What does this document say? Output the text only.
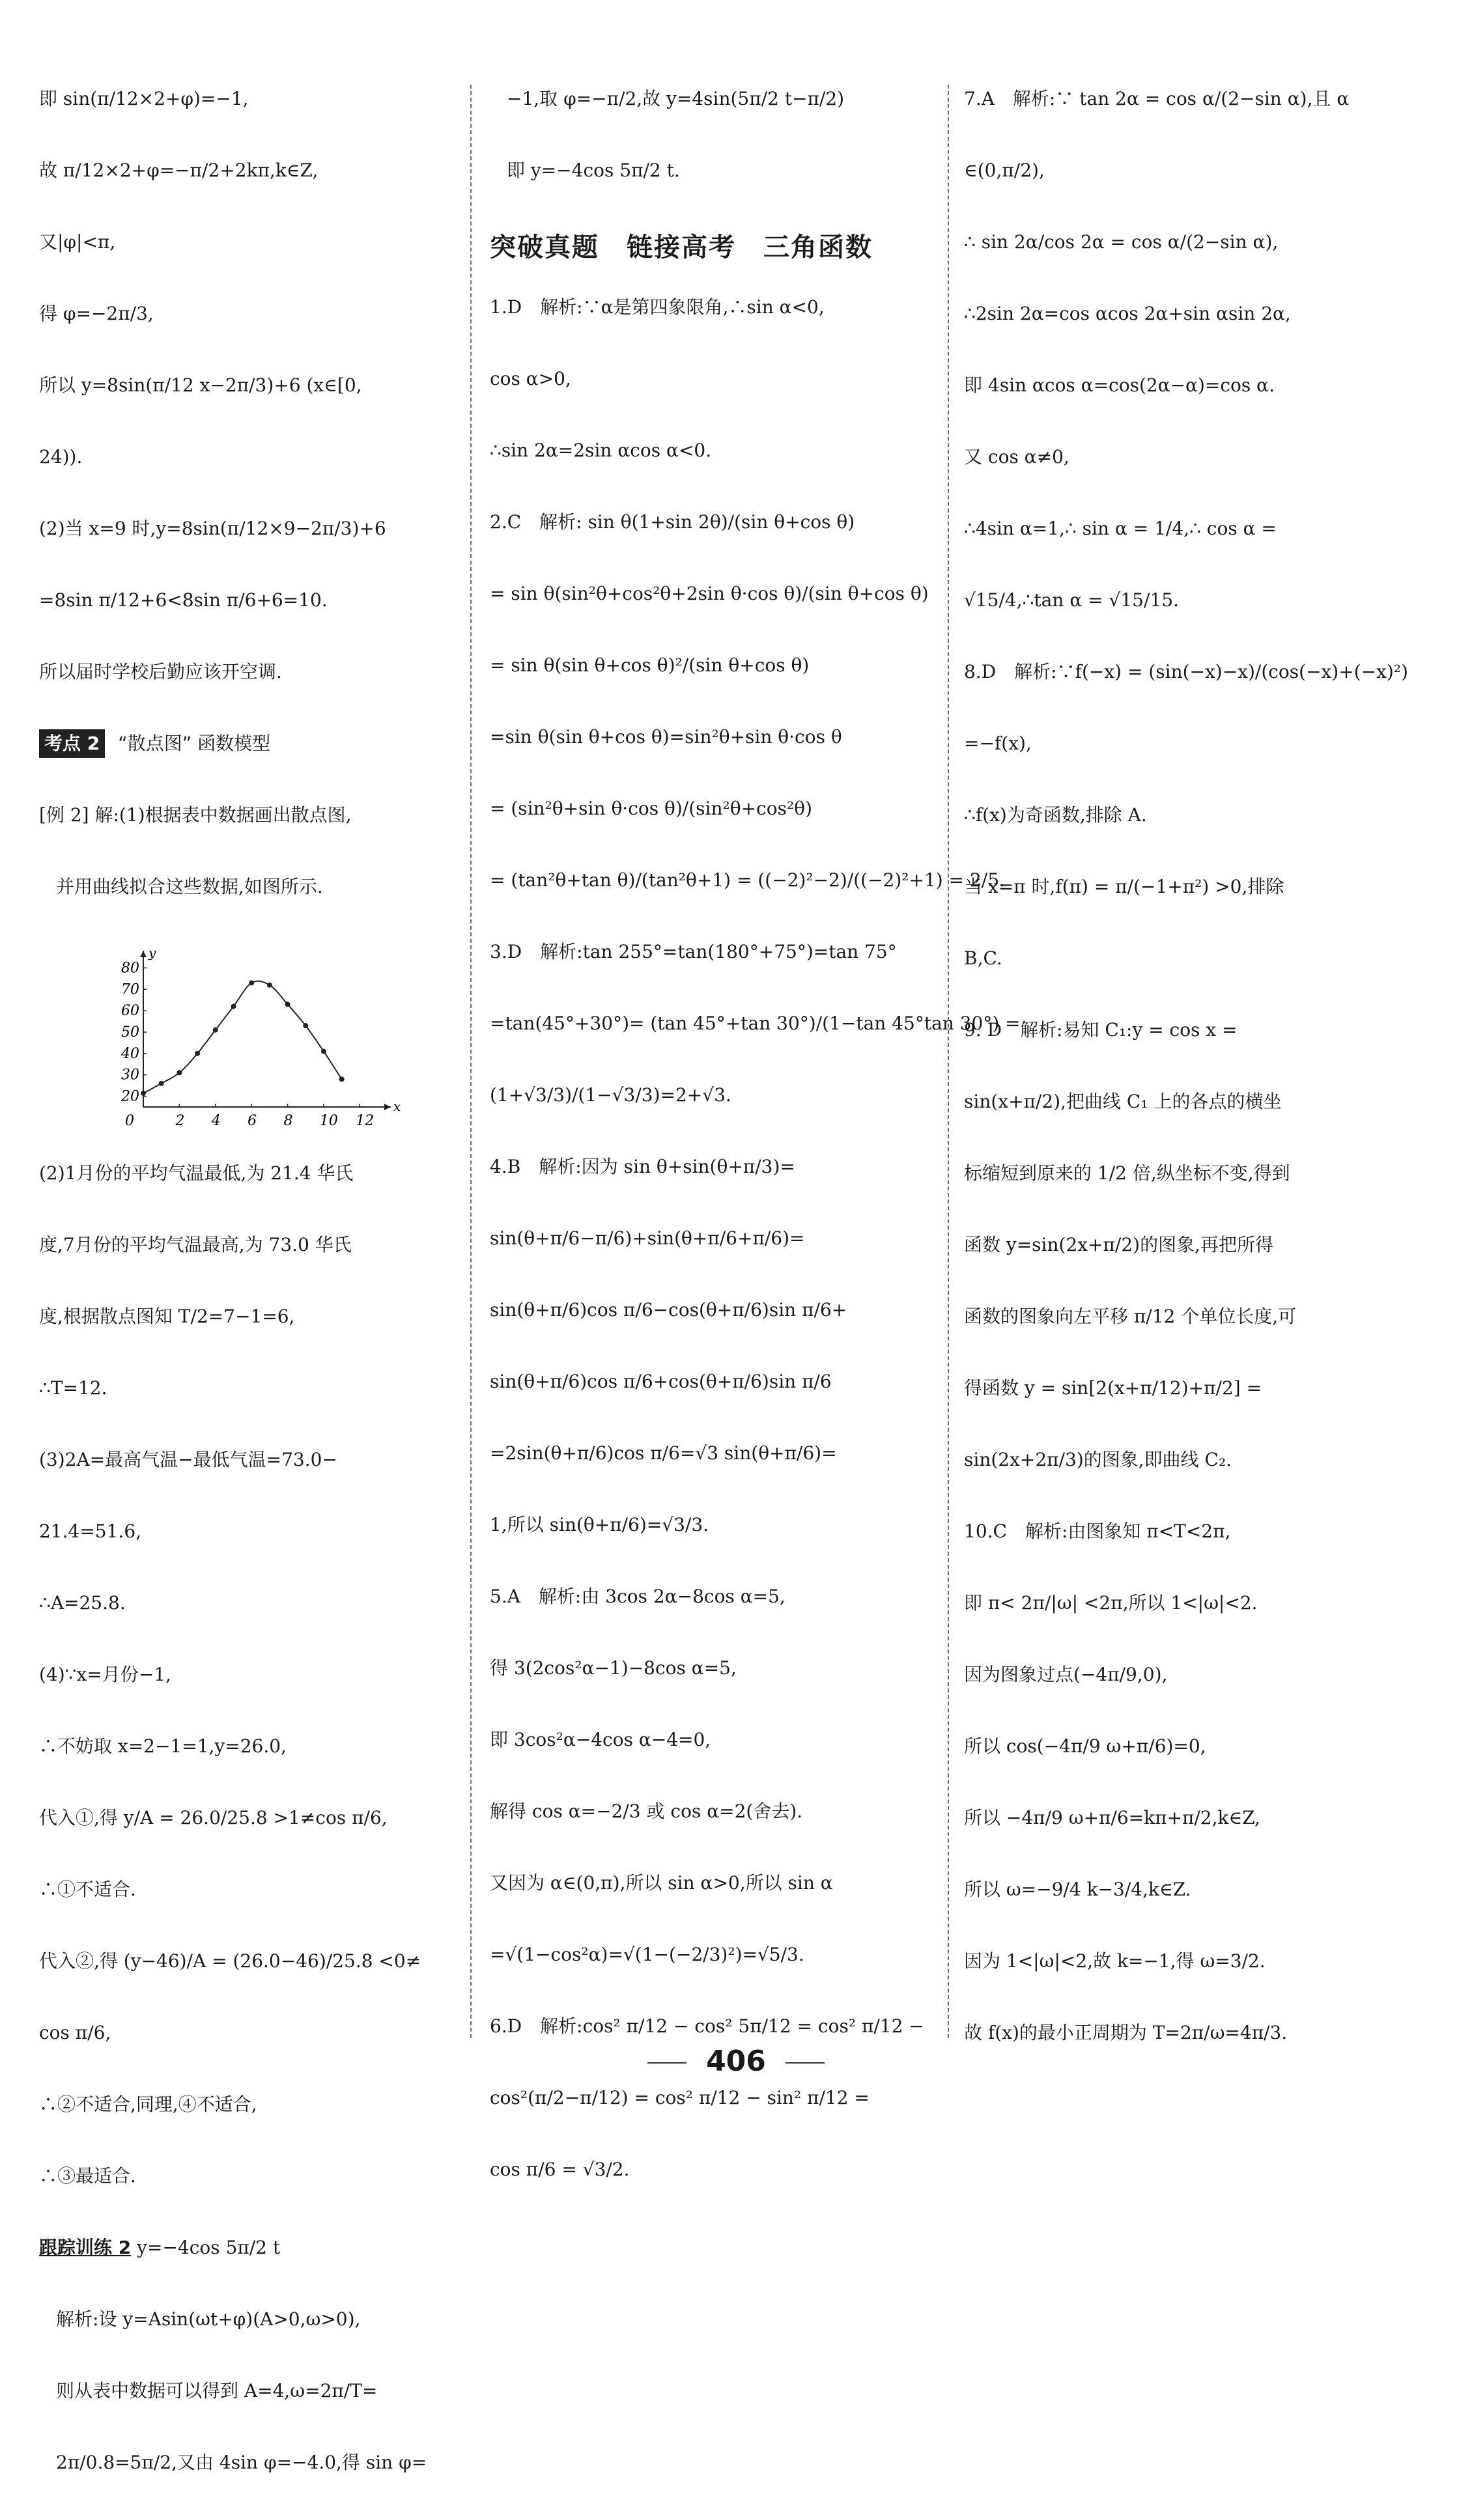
即 sin(π/12×2+φ)=−1,
故 π/12×2+φ=−π/2+2kπ,k∈Z,
又|φ|<π,
得 φ=−2π/3,
所以 y=8sin(π/12 x−2π/3)+6 (x∈[0,
24)).
(2)当 x=9 时,y=8sin(π/12×9−2π/3)+6
=8sin π/12+6<8sin π/6+6=10.
所以届时学校后勤应该开空调.
考点 2 “散点图” 函数模型
[例 2] 解:(1)根据表中数据画出散点图,
并用曲线拟合这些数据,如图所示.
x
y
0	2 4 6 8 10 12
20
30
40
50
60
70
80
(2)1月份的平均气温最低,为 21.4 华氏
度,7月份的平均气温最高,为 73.0 华氏
度,根据散点图知 T/2=7−1=6,
∴T=12.
(3)2A=最高气温−最低气温=73.0−
21.4=51.6,
∴A=25.8.
(4)∵x=月份−1,
∴不妨取 x=2−1=1,y=26.0,
代入①,得 y/A = 26.0/25.8 >1≠cos π/6,
∴①不适合.
代入②,得 (y−46)/A = (26.0−46)/25.8 <0≠
cos π/6,
∴②不适合,同理,④不适合,
∴③最适合.
跟踪训练 2 y=−4cos 5π/2 t
解析:设 y=Asin(ωt+φ)(A>0,ω>0),
则从表中数据可以得到 A=4,ω=2π/T=
2π/0.8=5π/2,又由 4sin φ=−4.0,得 sin φ=
−1,取 φ=−π/2,故 y=4sin(5π/2 t−π/2)
即 y=−4cos 5π/2 t.
突破真题　链接高考　三角函数
1.D　解析:∵α是第四象限角,∴sin α<0,
cos α>0,
∴sin 2α=2sin αcos α<0.
2.C　解析: sin θ(1+sin 2θ)/(sin θ+cos θ)
= sin θ(sin²θ+cos²θ+2sin θ·cos θ)/(sin θ+cos θ)
= sin θ(sin θ+cos θ)²/(sin θ+cos θ)
=sin θ(sin θ+cos θ)=sin²θ+sin θ·cos θ
= (sin²θ+sin θ·cos θ)/(sin²θ+cos²θ)
= (tan²θ+tan θ)/(tan²θ+1) = ((−2)²−2)/((−2)²+1) = 2/5.
3.D　解析:tan 255°=tan(180°+75°)=tan 75°
=tan(45°+30°)= (tan 45°+tan 30°)/(1−tan 45°tan 30°) =
(1+√3/3)/(1−√3/3)=2+√3.
4.B　解析:因为 sin θ+sin(θ+π/3)=
sin(θ+π/6−π/6)+sin(θ+π/6+π/6)=
sin(θ+π/6)cos π/6−cos(θ+π/6)sin π/6+
sin(θ+π/6)cos π/6+cos(θ+π/6)sin π/6
=2sin(θ+π/6)cos π/6=√3 sin(θ+π/6)=
1,所以 sin(θ+π/6)=√3/3.
5.A　解析:由 3cos 2α−8cos α=5,
得 3(2cos²α−1)−8cos α=5,
即 3cos²α−4cos α−4=0,
解得 cos α=−2/3 或 cos α=2(舍去).
又因为 α∈(0,π),所以 sin α>0,所以 sin α
=√(1−cos²α)=√(1−(−2/3)²)=√5/3.
6.D　解析:cos² π/12 − cos² 5π/12 = cos² π/12 −
cos²(π/2−π/12) = cos² π/12 − sin² π/12 =
cos π/6 = √3/2.
7.A　解析:∵ tan 2α = cos α/(2−sin α),且 α
∈(0,π/2),
∴ sin 2α/cos 2α = cos α/(2−sin α),
∴2sin 2α=cos αcos 2α+sin αsin 2α,
即 4sin αcos α=cos(2α−α)=cos α.
又 cos α≠0,
∴4sin α=1,∴ sin α = 1/4,∴ cos α =
√15/4,∴tan α = √15/15.
8.D　解析:∵f(−x) = (sin(−x)−x)/(cos(−x)+(−x)²)
=−f(x),
∴f(x)为奇函数,排除 A.
当 x=π 时,f(π) = π/(−1+π²) >0,排除
B,C.
9. D　解析:易知 C₁:y = cos x =
sin(x+π/2),把曲线 C₁ 上的各点的横坐
标缩短到原来的 1/2 倍,纵坐标不变,得到
函数 y=sin(2x+π/2)的图象,再把所得
函数的图象向左平移 π/12 个单位长度,可
得函数 y = sin[2(x+π/12)+π/2] =
sin(2x+2π/3)的图象,即曲线 C₂.
10.C　解析:由图象知 π<T<2π,
即 π< 2π/|ω| <2π,所以 1<|ω|<2.
因为图象过点(−4π/9,0),
所以 cos(−4π/9 ω+π/6)=0,
所以 −4π/9 ω+π/6=kπ+π/2,k∈Z,
所以 ω=−9/4 k−3/4,k∈Z.
因为 1<|ω|<2,故 k=−1,得 ω=3/2.
故 f(x)的最小正周期为 T=2π/ω=4π/3.
406
